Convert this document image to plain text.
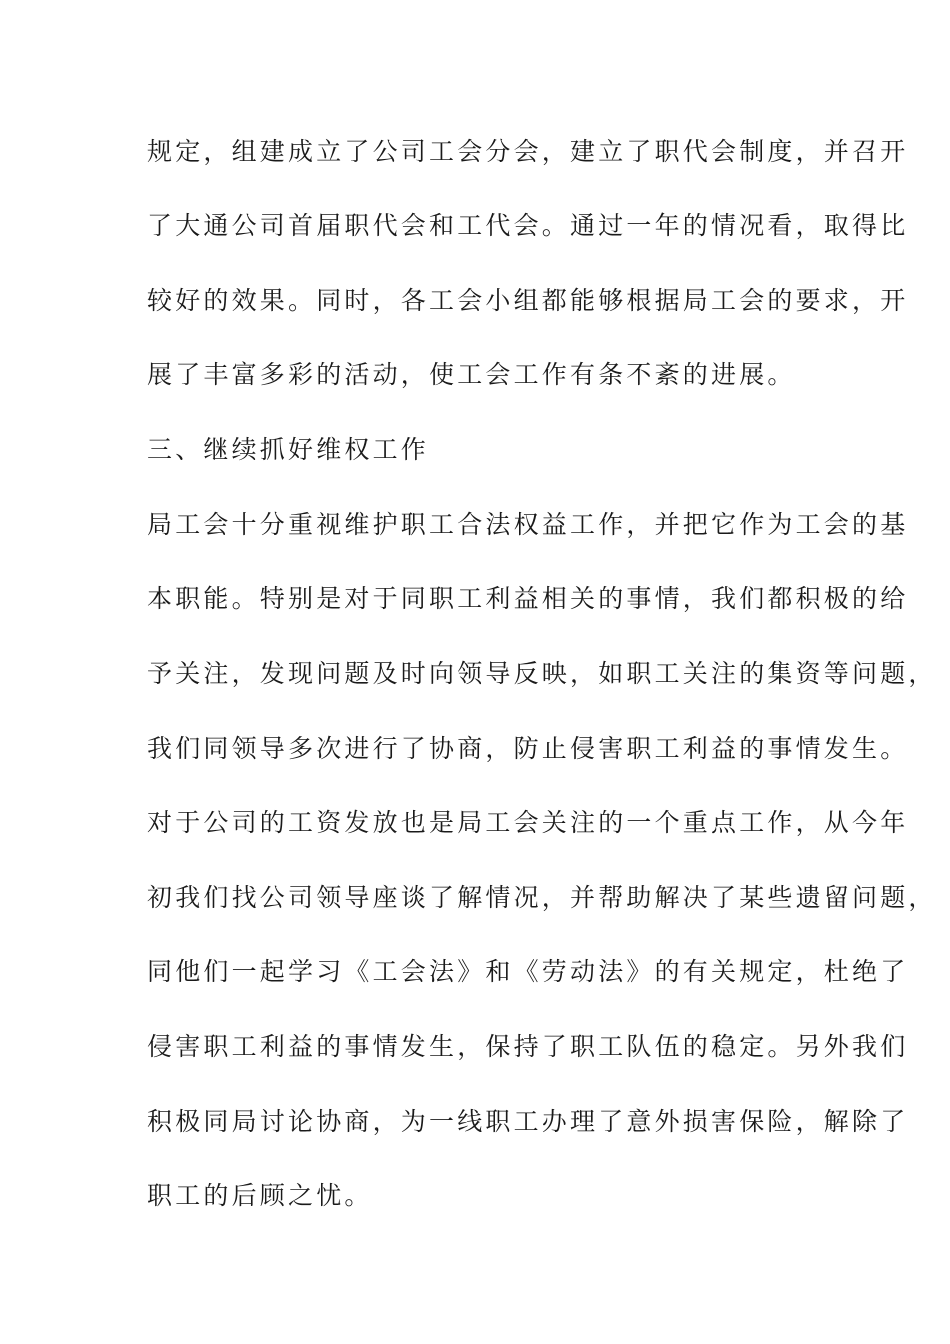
规定，组建成立了公司工会分会，建立了职代会制度，并召开

了大通公司首届职代会和工代会。通过一年的情况看，取得比

较好的效果。同时，各工会小组都能够根据局工会的要求，开

展了丰富多彩的活动，使工会工作有条不紊的进展。

三、继续抓好维权工作

局工会十分重视维护职工合法权益工作，并把它作为工会的基

本职能。特别是对于同职工利益相关的事情，我们都积极的给

予关注，发现问题及时向领导反映，如职工关注的集资等问题，

我们同领导多次进行了协商，防止侵害职工利益的事情发生。

对于公司的工资发放也是局工会关注的一个重点工作，从今年

初我们找公司领导座谈了解情况，并帮助解决了某些遗留问题，

同他们一起学习《工会法》和《劳动法》的有关规定，杜绝了

侵害职工利益的事情发生，保持了职工队伍的稳定。另外我们

积极同局讨论协商，为一线职工办理了意外损害保险，解除了

职工的后顾之忧。
